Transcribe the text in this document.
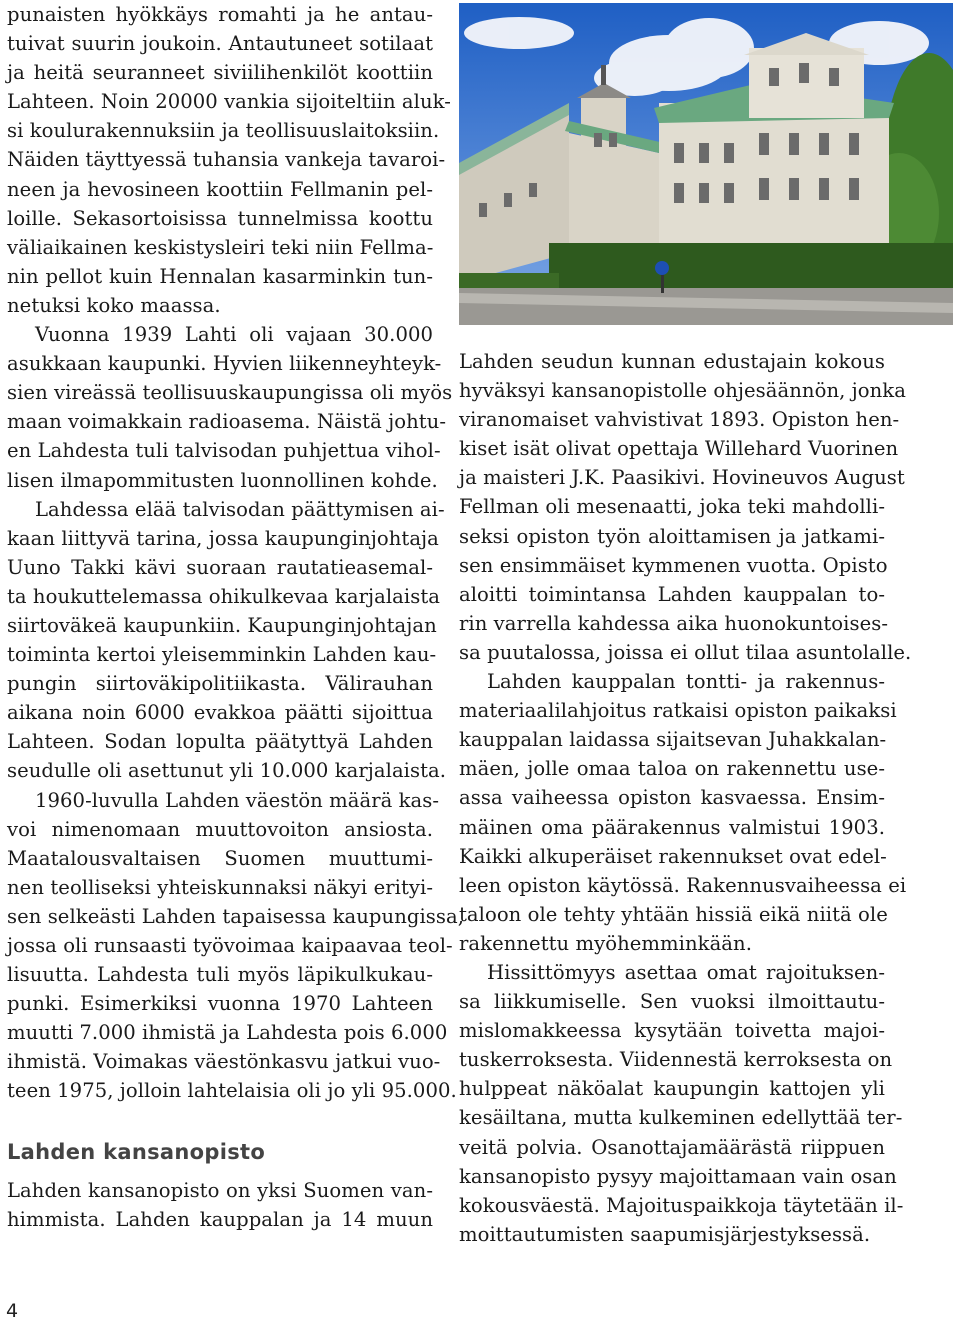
punaisten hyökkäys romahti ja he antau-
tuivat suurin joukoin. Antautuneet sotilaat
ja heitä seuranneet siviilihenkilöt koottiin
Lahteen. Noin 20000 vankia sijoiteltiin aluk-
si koulurakennuksiin ja teollisuuslaitoksiin.
Näiden täyttyessä tuhansia vankeja tavaroi-
neen ja hevosineen koottiin Fellmanin pel-
loille. Sekasortoisissa tunnelmissa koottu
väliaikainen keskistysleiri teki niin Fellma-
nin pellot kuin Hennalan kasarminkin tun-
netuksi koko maassa.
Vuonna 1939 Lahti oli vajaan 30.000
asukkaan kaupunki. Hyvien liikenneyhteyk-
sien vireässä teollisuuskaupungissa oli myös
maan voimakkain radioasema. Näistä johtu-
en Lahdesta tuli talvisodan puhjettua vihol-
lisen ilmapommitusten luonnollinen kohde.
Lahdessa elää talvisodan päättymisen ai-
kaan liittyvä tarina, jossa kaupunginjohtaja
Uuno Takki kävi suoraan rautatieasemal-
ta houkuttelemassa ohikulkevaa karjalaista
siirtoväkeä kaupunkiin. Kaupunginjohtajan
toiminta kertoi yleisemminkin Lahden kau-
pungin siirtoväkipolitiikasta. Välirauhan
aikana noin 6000 evakkoa päätti sijoittua
Lahteen. Sodan lopulta päätyttyä Lahden
seudulle oli asettunut yli 10.000 karjalaista.
1960-luvulla Lahden väestön määrä kas-
voi nimenomaan muuttovoiton ansiosta.
Maatalousvaltaisen Suomen muuttumi-
nen teolliseksi yhteiskunnaksi näkyi erityi-
sen selkeästi Lahden tapaisessa kaupungissa,
jossa oli runsaasti työvoimaa kaipaavaa teol-
lisuutta. Lahdesta tuli myös läpikulkukau-
punki. Esimerkiksi vuonna 1970 Lahteen
muutti 7.000 ihmistä ja Lahdesta pois 6.000
ihmistä. Voimakas väestönkasvu jatkui vuo-
teen 1975, jolloin lahtelaisia oli jo yli 95.000.
Lahden kansanopisto
Lahden kansanopisto on yksi Suomen van-
himmista. Lahden kauppalan ja 14 muun
Lahden seudun kunnan edustajain kokous
hyväksyi kansanopistolle ohjesäännön, jonka
viranomaiset vahvistivat 1893. Opiston hen-
kiset isät olivat opettaja Willehard Vuorinen
ja maisteri J.K. Paasikivi. Hovineuvos August
Fellman oli mesenaatti, joka teki mahdolli-
seksi opiston työn aloittamisen ja jatkami-
sen ensimmäiset kymmenen vuotta. Opisto
aloitti toimintansa Lahden kauppalan to-
rin varrella kahdessa aika huonokuntoises-
sa puutalossa, joissa ei ollut tilaa asuntolalle.
Lahden kauppalan tontti- ja rakennus-
materiaalilahjoitus ratkaisi opiston paikaksi
kauppalan laidassa sijaitsevan Juhakkalan-
mäen, jolle omaa taloa on rakennettu use-
assa vaiheessa opiston kasvaessa. Ensim-
mäinen oma päärakennus valmistui 1903.
Kaikki alkuperäiset rakennukset ovat edel-
leen opiston käytössä. Rakennusvaiheessa ei
taloon ole tehty yhtään hissiä eikä niitä ole
rakennettu myöhemminkään.
Hissittömyys asettaa omat rajoituksen-
sa liikkumiselle. Sen vuoksi ilmoittautu-
mislomakkeessa kysytään toivetta majoi-
tuskerroksesta. Viidennestä kerroksesta on
hulppeat näköalat kaupungin kattojen yli
kesäiltana, mutta kulkeminen edellyttää ter-
veitä polvia. Osanottajamäärästä riippuen
kansanopisto pysyy majoittamaan vain osan
kokousväestä. Majoituspaikkoja täytetään il-
moittautumisten saapumisjärjestyksessä.
4
